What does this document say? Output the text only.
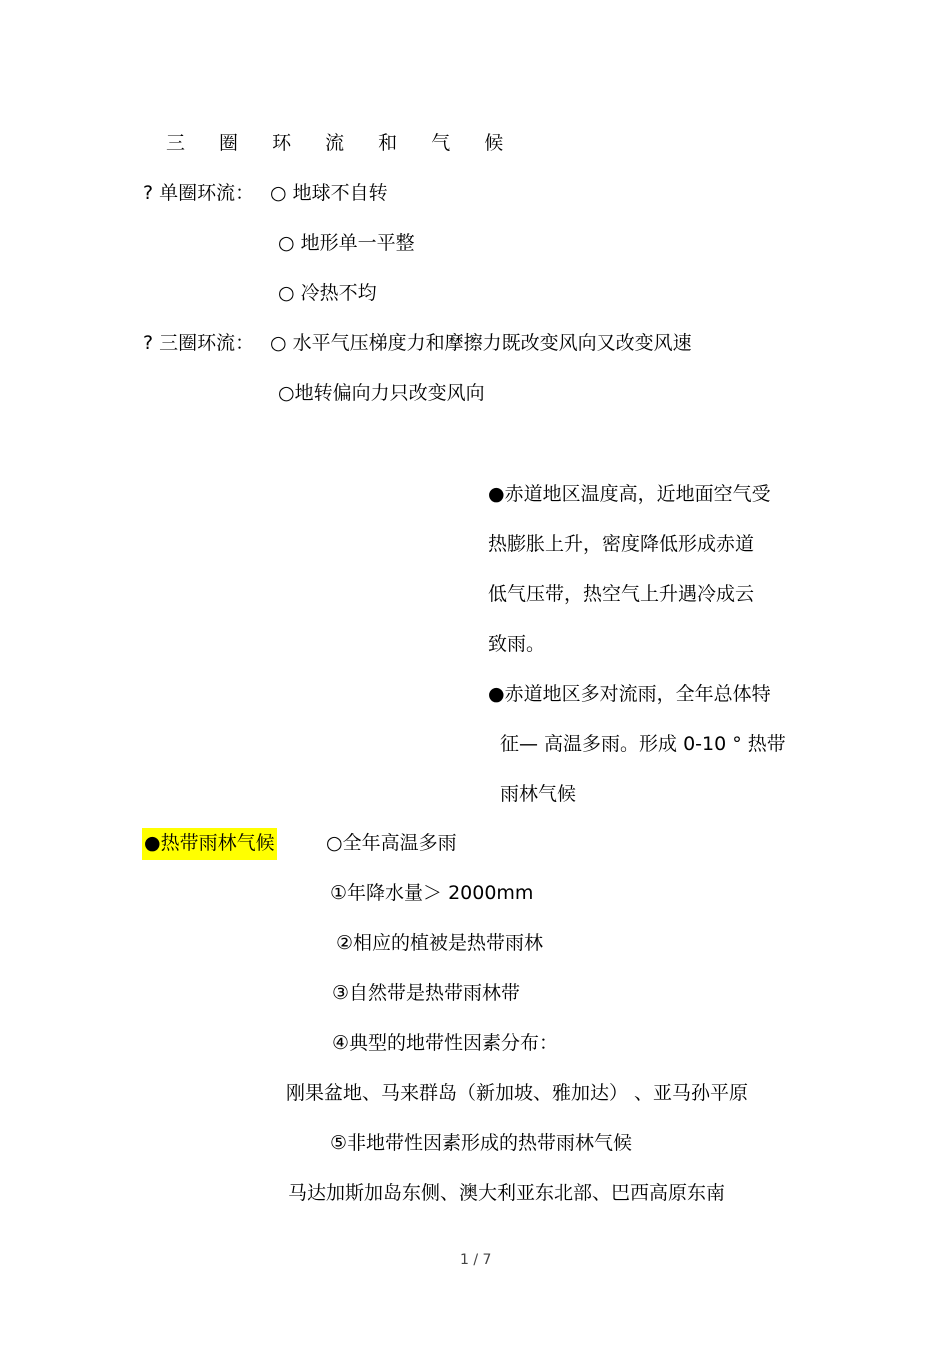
三 圈 环 流 和 气 候
? 单圈环流： ○ 地球不自转
○ 地形单一平整
○ 冷热不均
? 三圈环流： ○ 水平气压梯度力和摩擦力既改变风向又改变风速
○地转偏向力只改变风向
●赤道地区温度高，近地面空气受
热膨胀上升，密度降低形成赤道
低气压带，热空气上升遇冷成云
致雨。
●赤道地区多对流雨，全年总体特
征— 高温多雨。形成 0-10 ° 热带
雨林气候
●热带雨林气候	○全年高温多雨
①年降水量＞ 2000mm
②相应的植被是热带雨林
③自然带是热带雨林带
④典型的地带性因素分布：
刚果盆地、马来群岛（新加坡、雅加达） 、亚马孙平原
⑤非地带性因素形成的热带雨林气候
马达加斯加岛东侧、澳大利亚东北部、巴西高原东南
1 / 7
